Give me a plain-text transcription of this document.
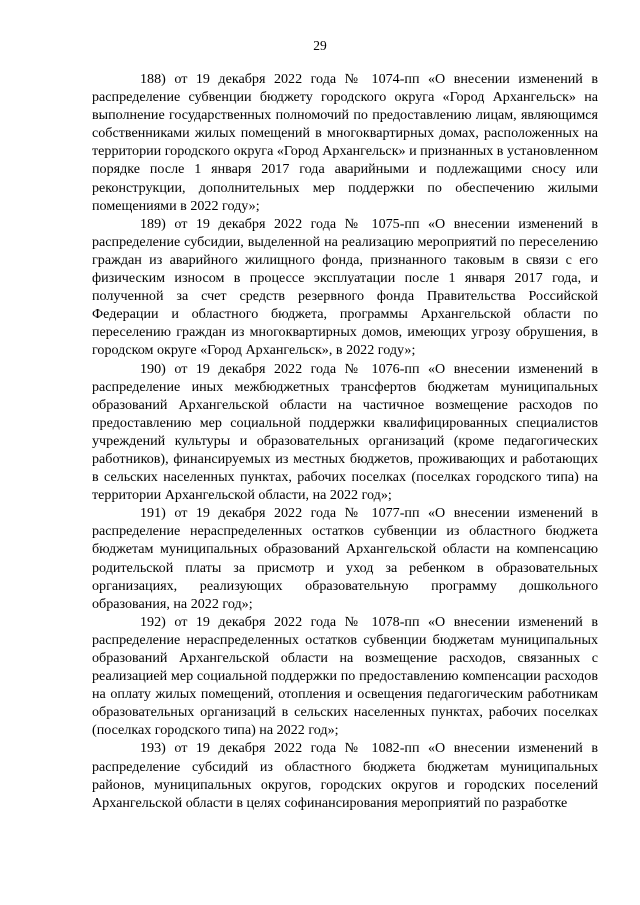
29

188) от 19 декабря 2022 года № 1074-пп «О внесении изменений в распределение субвенции бюджету городского округа «Город Архангельск» на выполнение государственных полномочий по предоставлению лицам, являющимся собственниками жилых помещений в многоквартирных домах, расположенных на территории городского округа «Город Архангельск» и признанных в установленном порядке после 1 января 2017 года аварийными и подлежащими сносу или реконструкции, дополнительных мер поддержки по обеспечению жилыми помещениями в 2022 году»;

189) от 19 декабря 2022 года № 1075-пп «О внесении изменений в распределение субсидии, выделенной на реализацию мероприятий по переселению граждан из аварийного жилищного фонда, признанного таковым в связи с его физическим износом в процессе эксплуатации после 1 января 2017 года, и полученной за счет средств резервного фонда Правительства Российской Федерации и областного бюджета, программы Архангельской области по переселению граждан из многоквартирных домов, имеющих угрозу обрушения, в городском округе «Город Архангельск», в 2022 году»;

190) от 19 декабря 2022 года № 1076-пп «О внесении изменений в распределение иных межбюджетных трансфертов бюджетам муниципальных образований Архангельской области на частичное возмещение расходов по предоставлению мер социальной поддержки квалифицированных специалистов учреждений культуры и образовательных организаций (кроме педагогических работников), финансируемых из местных бюджетов, проживающих и работающих в сельских населенных пунктах, рабочих поселках (поселках городского типа) на территории Архангельской области, на 2022 год»;

191) от 19 декабря 2022 года № 1077-пп «О внесении изменений в распределение нераспределенных остатков субвенции из областного бюджета бюджетам муниципальных образований Архангельской области на компенсацию родительской платы за присмотр и уход за ребенком в образовательных организациях, реализующих образовательную программу дошкольного образования, на 2022 год»;

192) от 19 декабря 2022 года № 1078-пп «О внесении изменений в распределение нераспределенных остатков субвенции бюджетам муниципальных образований Архангельской области на возмещение расходов, связанных с реализацией мер социальной поддержки по предоставлению компенсации расходов на оплату жилых помещений, отопления и освещения педагогическим работникам образовательных организаций в сельских населенных пунктах, рабочих поселках (поселках городского типа) на 2022 год»;

193) от 19 декабря 2022 года № 1082-пп «О внесении изменений в распределение субсидий из областного бюджета бюджетам муниципальных районов, муниципальных округов, городских округов и городских поселений Архангельской области в целях софинансирования мероприятий по разработке
